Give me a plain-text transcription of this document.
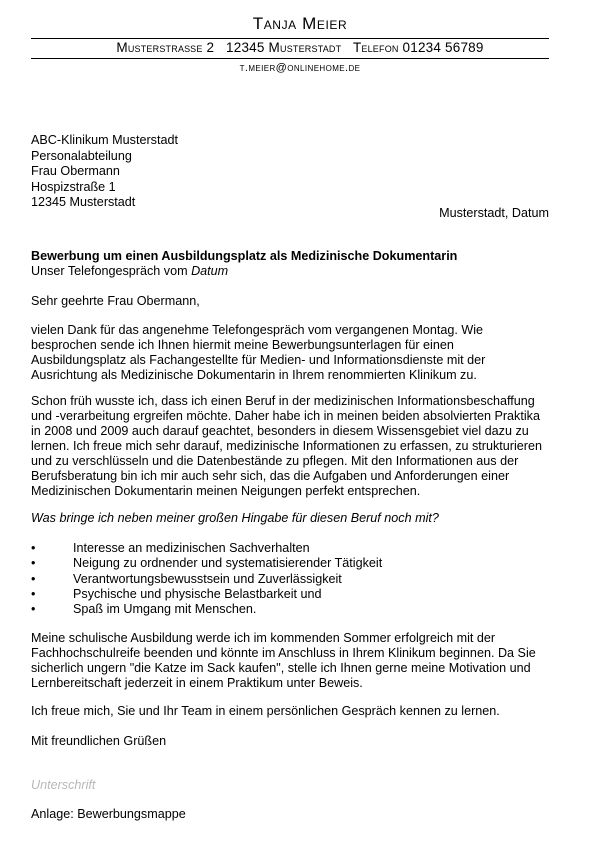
Tanja Meier
Musterstraße 2   12345 Musterstadt   Telefon 01234 56789
t.meier@onlinehome.de
ABC-Klinikum Musterstadt
Personalabteilung
Frau Obermann
Hospizstraße 1
12345 Musterstadt
Musterstadt, Datum
Bewerbung um einen Ausbildungsplatz als Medizinische Dokumentarin
Unser Telefongespräch vom Datum
Sehr geehrte Frau Obermann,
vielen Dank für das angenehme Telefongespräch vom vergangenen Montag. Wie besprochen sende ich Ihnen hiermit meine Bewerbungsunterlagen für einen Ausbildungsplatz als Fachangestellte für Medien- und Informationsdienste mit der Ausrichtung als Medizinische Dokumentarin in Ihrem renommierten Klinikum zu.
Schon früh wusste ich, dass ich einen Beruf in der medizinischen Informationsbeschaffung und -verarbeitung ergreifen möchte. Daher habe ich in meinen beiden absolvierten Praktika in 2008 und 2009 auch darauf geachtet, besonders in diesem Wissensgebiet viel dazu zu lernen. Ich freue mich sehr darauf, medizinische Informationen zu erfassen, zu strukturieren und zu verschlüsseln und die Datenbestände zu pflegen. Mit den Informationen aus der Berufsberatung bin ich mir auch sehr sich, das die Aufgaben und Anforderungen einer Medizinischen Dokumentarin meinen Neigungen perfekt entsprechen.
Was bringe ich neben meiner großen Hingabe für diesen Beruf noch mit?
•	Interesse an medizinischen Sachverhalten
•	Neigung zu ordnender und systematisierender Tätigkeit
•	Verantwortungsbewusstsein und Zuverlässigkeit
•	Psychische und physische Belastbarkeit und
•	Spaß im Umgang mit Menschen.
Meine schulische Ausbildung werde ich im kommenden Sommer erfolgreich mit der Fachhochschulreife beenden und könnte im Anschluss in Ihrem Klinikum beginnen. Da Sie sicherlich ungern "die Katze im Sack kaufen", stelle ich Ihnen gerne meine Motivation und Lernbereitschaft jederzeit in einem Praktikum unter Beweis.
Ich freue mich, Sie und Ihr Team in einem persönlichen Gespräch kennen zu lernen.
Mit freundlichen Grüßen
Unterschrift
Anlage: Bewerbungsmappe
